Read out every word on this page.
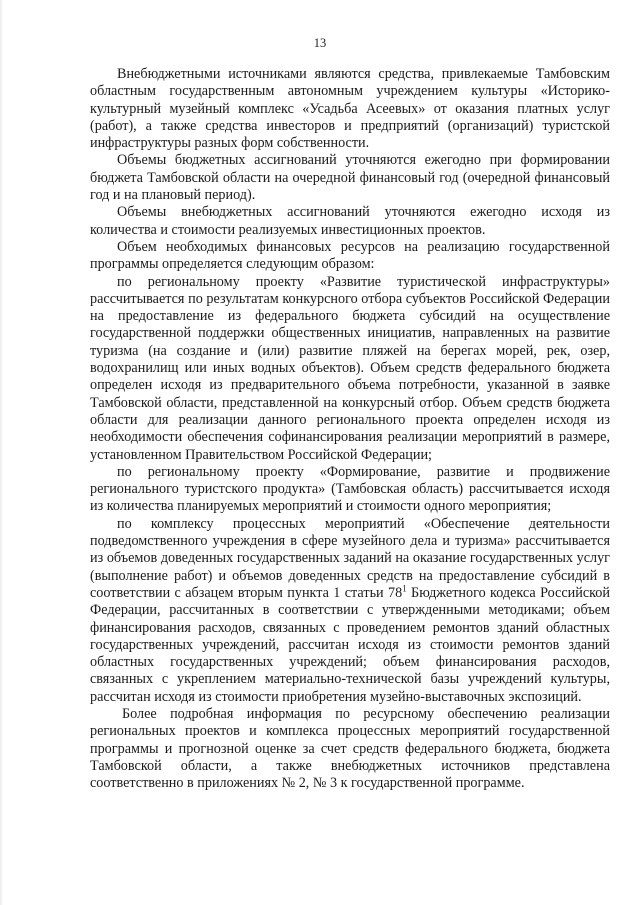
13

Внебюджетными источниками являются средства, привлекаемые Тамбовским областным государственным автономным учреждением культуры «Историко-культурный музейный комплекс «Усадьба Асеевых» от оказания платных услуг (работ), а также средства инвесторов и предприятий (организаций) туристской инфраструктуры разных форм собственности.

Объемы бюджетных ассигнований уточняются ежегодно при формировании бюджета Тамбовской области на очередной финансовый год (очередной финансовый год и на плановый период).

Объемы внебюджетных ассигнований уточняются ежегодно исходя из количества и стоимости реализуемых инвестиционных проектов.

Объем необходимых финансовых ресурсов на реализацию государственной программы определяется следующим образом:

по региональному проекту «Развитие туристической инфраструктуры» рассчитывается по результатам конкурсного отбора субъектов Российской Федерации на предоставление из федерального бюджета субсидий на осуществление государственной поддержки общественных инициатив, направленных на развитие туризма (на создание и (или) развитие пляжей на берегах морей, рек, озер, водохранилищ или иных водных объектов). Объем средств федерального бюджета определен исходя из предварительного объема потребности, указанной в заявке Тамбовской области, представленной на конкурсный отбор. Объем средств бюджета области для реализации данного регионального проекта определен исходя из необходимости обеспечения софинансирования реализации мероприятий в размере, установленном Правительством Российской Федерации;

по региональному проекту «Формирование, развитие и продвижение регионального туристского продукта» (Тамбовская область) рассчитывается исходя из количества планируемых мероприятий и стоимости одного мероприятия;

по комплексу процессных мероприятий «Обеспечение деятельности подведомственного учреждения в сфере музейного дела и туризма» рассчитывается из объемов доведенных государственных заданий на оказание государственных услуг (выполнение работ) и объемов доведенных средств на предоставление субсидий в соответствии с абзацем вторым пункта 1 статьи $78^1$ Бюджетного кодекса Российской Федерации, рассчитанных в соответствии с утвержденными методиками; объем финансирования расходов, связанных с проведением ремонтов зданий областных государственных учреждений, рассчитан исходя из стоимости ремонтов зданий областных государственных учреждений; объем финансирования расходов, связанных с укреплением материально-технической базы учреждений культуры, рассчитан исходя из стоимости приобретения музейно-выставочных экспозиций.

Более подробная информация по ресурсному обеспечению реализации региональных проектов и комплекса процессных мероприятий государственной программы и прогнозной оценке за счет средств федерального бюджета, бюджета Тамбовской области, а также внебюджетных источников представлена соответственно в приложениях № 2, № 3 к государственной программе.
